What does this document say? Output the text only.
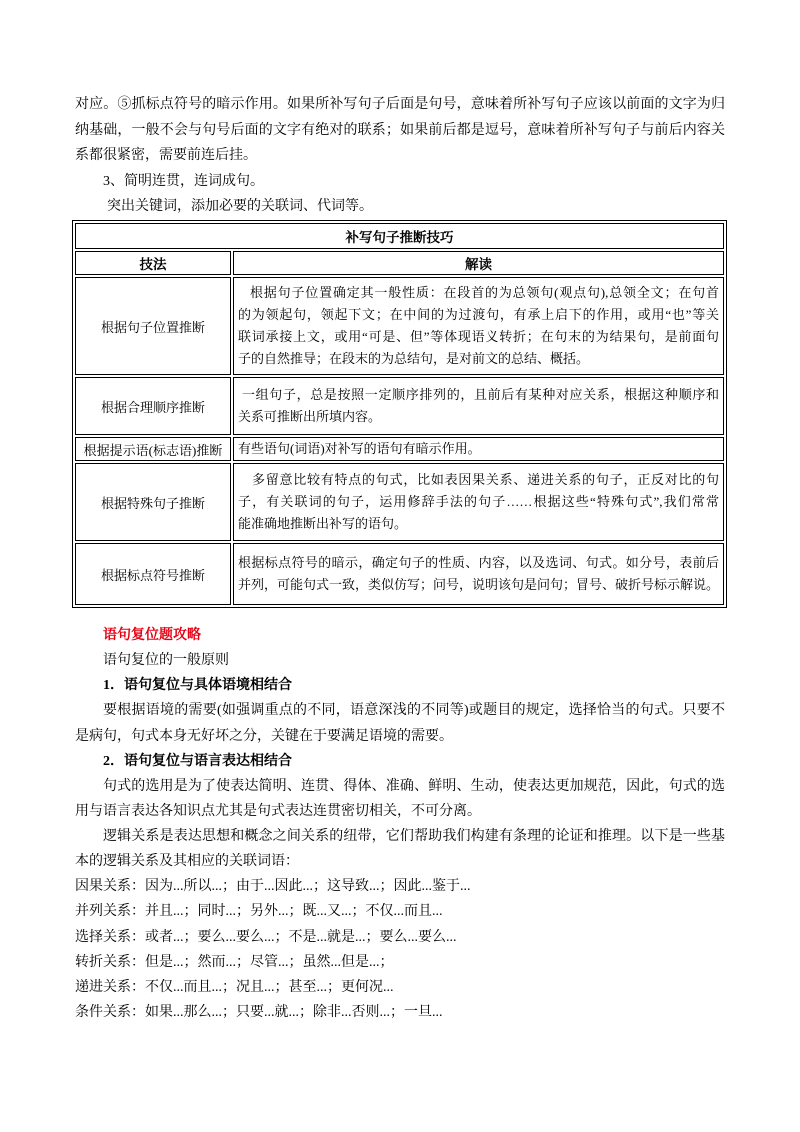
对应。⑤抓标点符号的暗示作用。如果所补写句子后面是句号，意味着所补写句子应该以前面的文字为归
纳基础，一般不会与句号后面的文字有绝对的联系；如果前后都是逗号，意味着所补写句子与前后内容关
系都很紧密，需要前连后挂。
3、简明连贯，连词成句。
突出关键词，添加必要的关联词、代词等。
补写句子推断技巧	
技法	解读
根据句子位置推断	根据句子位置确定其一般性质：在段首的为总领句(观点句),总领全文；在句首
的为领起句，领起下文；在中间的为过渡句，有承上启下的作用，或用“也”等关
联词承接上文，或用“可是、但”等体现语义转折；在句末的为结果句，是前面句
子的自然推导；在段末的为总结句，是对前文的总结、概括。

根据合理顺序推断	一组句子，总是按照一定顺序排列的，且前后有某种对应关系，根据这种顺序和
关系可推断出所填内容。

根据提示语(标志语)推断	有些语句(词语)对补写的语句有暗示作用。

根据特殊句子推断	多留意比较有特点的句式，比如表因果关系、递进关系的句子，正反对比的句
子，有关联词的句子，运用修辞手法的句子……根据这些“特殊句式”,我们常常
能准确地推断出补写的语句。

根据标点符号推断	根据标点符号的暗示，确定句子的性质、内容，以及选词、句式。如分号，表前后
并列，可能句式一致，类似仿写；问号，说明该句是问句；冒号、破折号标示解说。
语句复位题攻略
语句复位的一般原则
1．语句复位与具体语境相结合
要根据语境的需要(如强调重点的不同，语意深浅的不同等)或题目的规定，选择恰当的句式。只要不
是病句，句式本身无好坏之分，关键在于要满足语境的需要。
2．语句复位与语言表达相结合
句式的选用是为了使表达简明、连贯、得体、准确、鲜明、生动，使表达更加规范，因此，句式的选
用与语言表达各知识点尤其是句式表达连贯密切相关，不可分离。
逻辑关系是表达思想和概念之间关系的纽带，它们帮助我们构建有条理的论证和推理。以下是一些基
本的逻辑关系及其相应的关联词语：
因果关系：因为...所以...；由于...因此...；这导致...；因此...鉴于...
并列关系：并且...；同时...；另外...；既...又...；不仅...而且...
选择关系：或者...；要么...要么...；不是...就是...；要么...要么...
转折关系：但是...；然而...；尽管...；虽然...但是...；
递进关系：不仅...而且...；况且...；甚至...；更何况...
条件关系：如果...那么...；只要...就...；除非...否则...；一旦...
